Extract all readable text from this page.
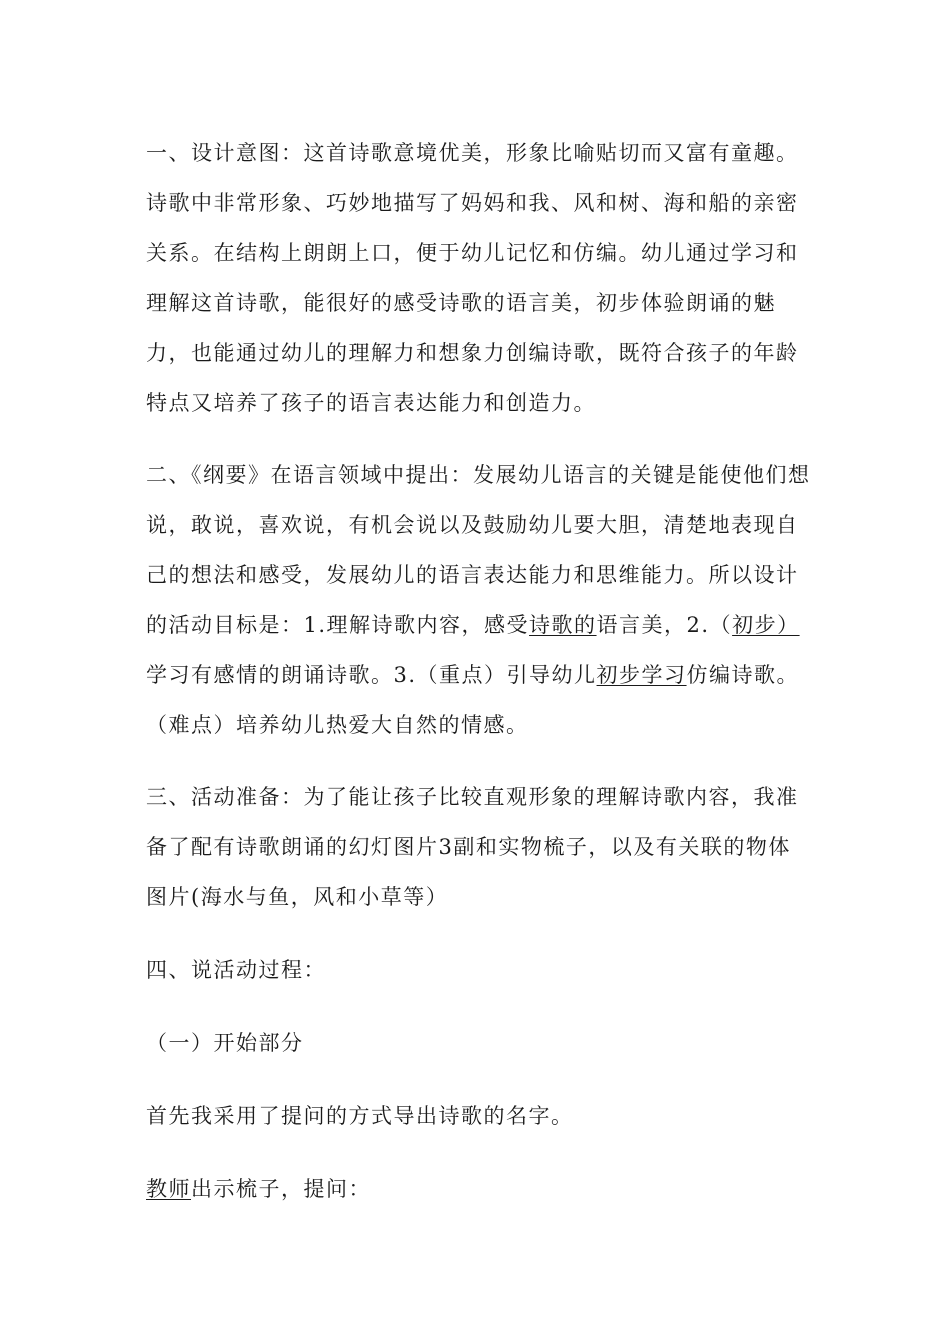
一、设计意图：这首诗歌意境优美，形象比喻贴切而又富有童趣。诗歌中非常形象、巧妙地描写了妈妈和我、风和树、海和船的亲密关系。在结构上朗朗上口，便于幼儿记忆和仿编。幼儿通过学习和理解这首诗歌，能很好的感受诗歌的语言美，初步体验朗诵的魅力，也能通过幼儿的理解力和想象力创编诗歌，既符合孩子的年龄特点又培养了孩子的语言表达能力和创造力。

二、《纲要》在语言领域中提出：发展幼儿语言的关键是能使他们想说，敢说，喜欢说，有机会说以及鼓励幼儿要大胆，清楚地表现自己的想法和感受，发展幼儿的语言表达能力和思维能力。所以设计的活动目标是：1.理解诗歌内容，感受诗歌的语言美，2.（初步）学习有感情的朗诵诗歌。3.（重点）引导幼儿初步学习仿编诗歌。（难点）培养幼儿热爱大自然的情感。

三、活动准备：为了能让孩子比较直观形象的理解诗歌内容，我准备了配有诗歌朗诵的幻灯图片3副和实物梳子，以及有关联的物体图片(海水与鱼，风和小草等）

四、说活动过程：

（一）开始部分

首先我采用了提问的方式导出诗歌的名字。

教师出示梳子，提问：
